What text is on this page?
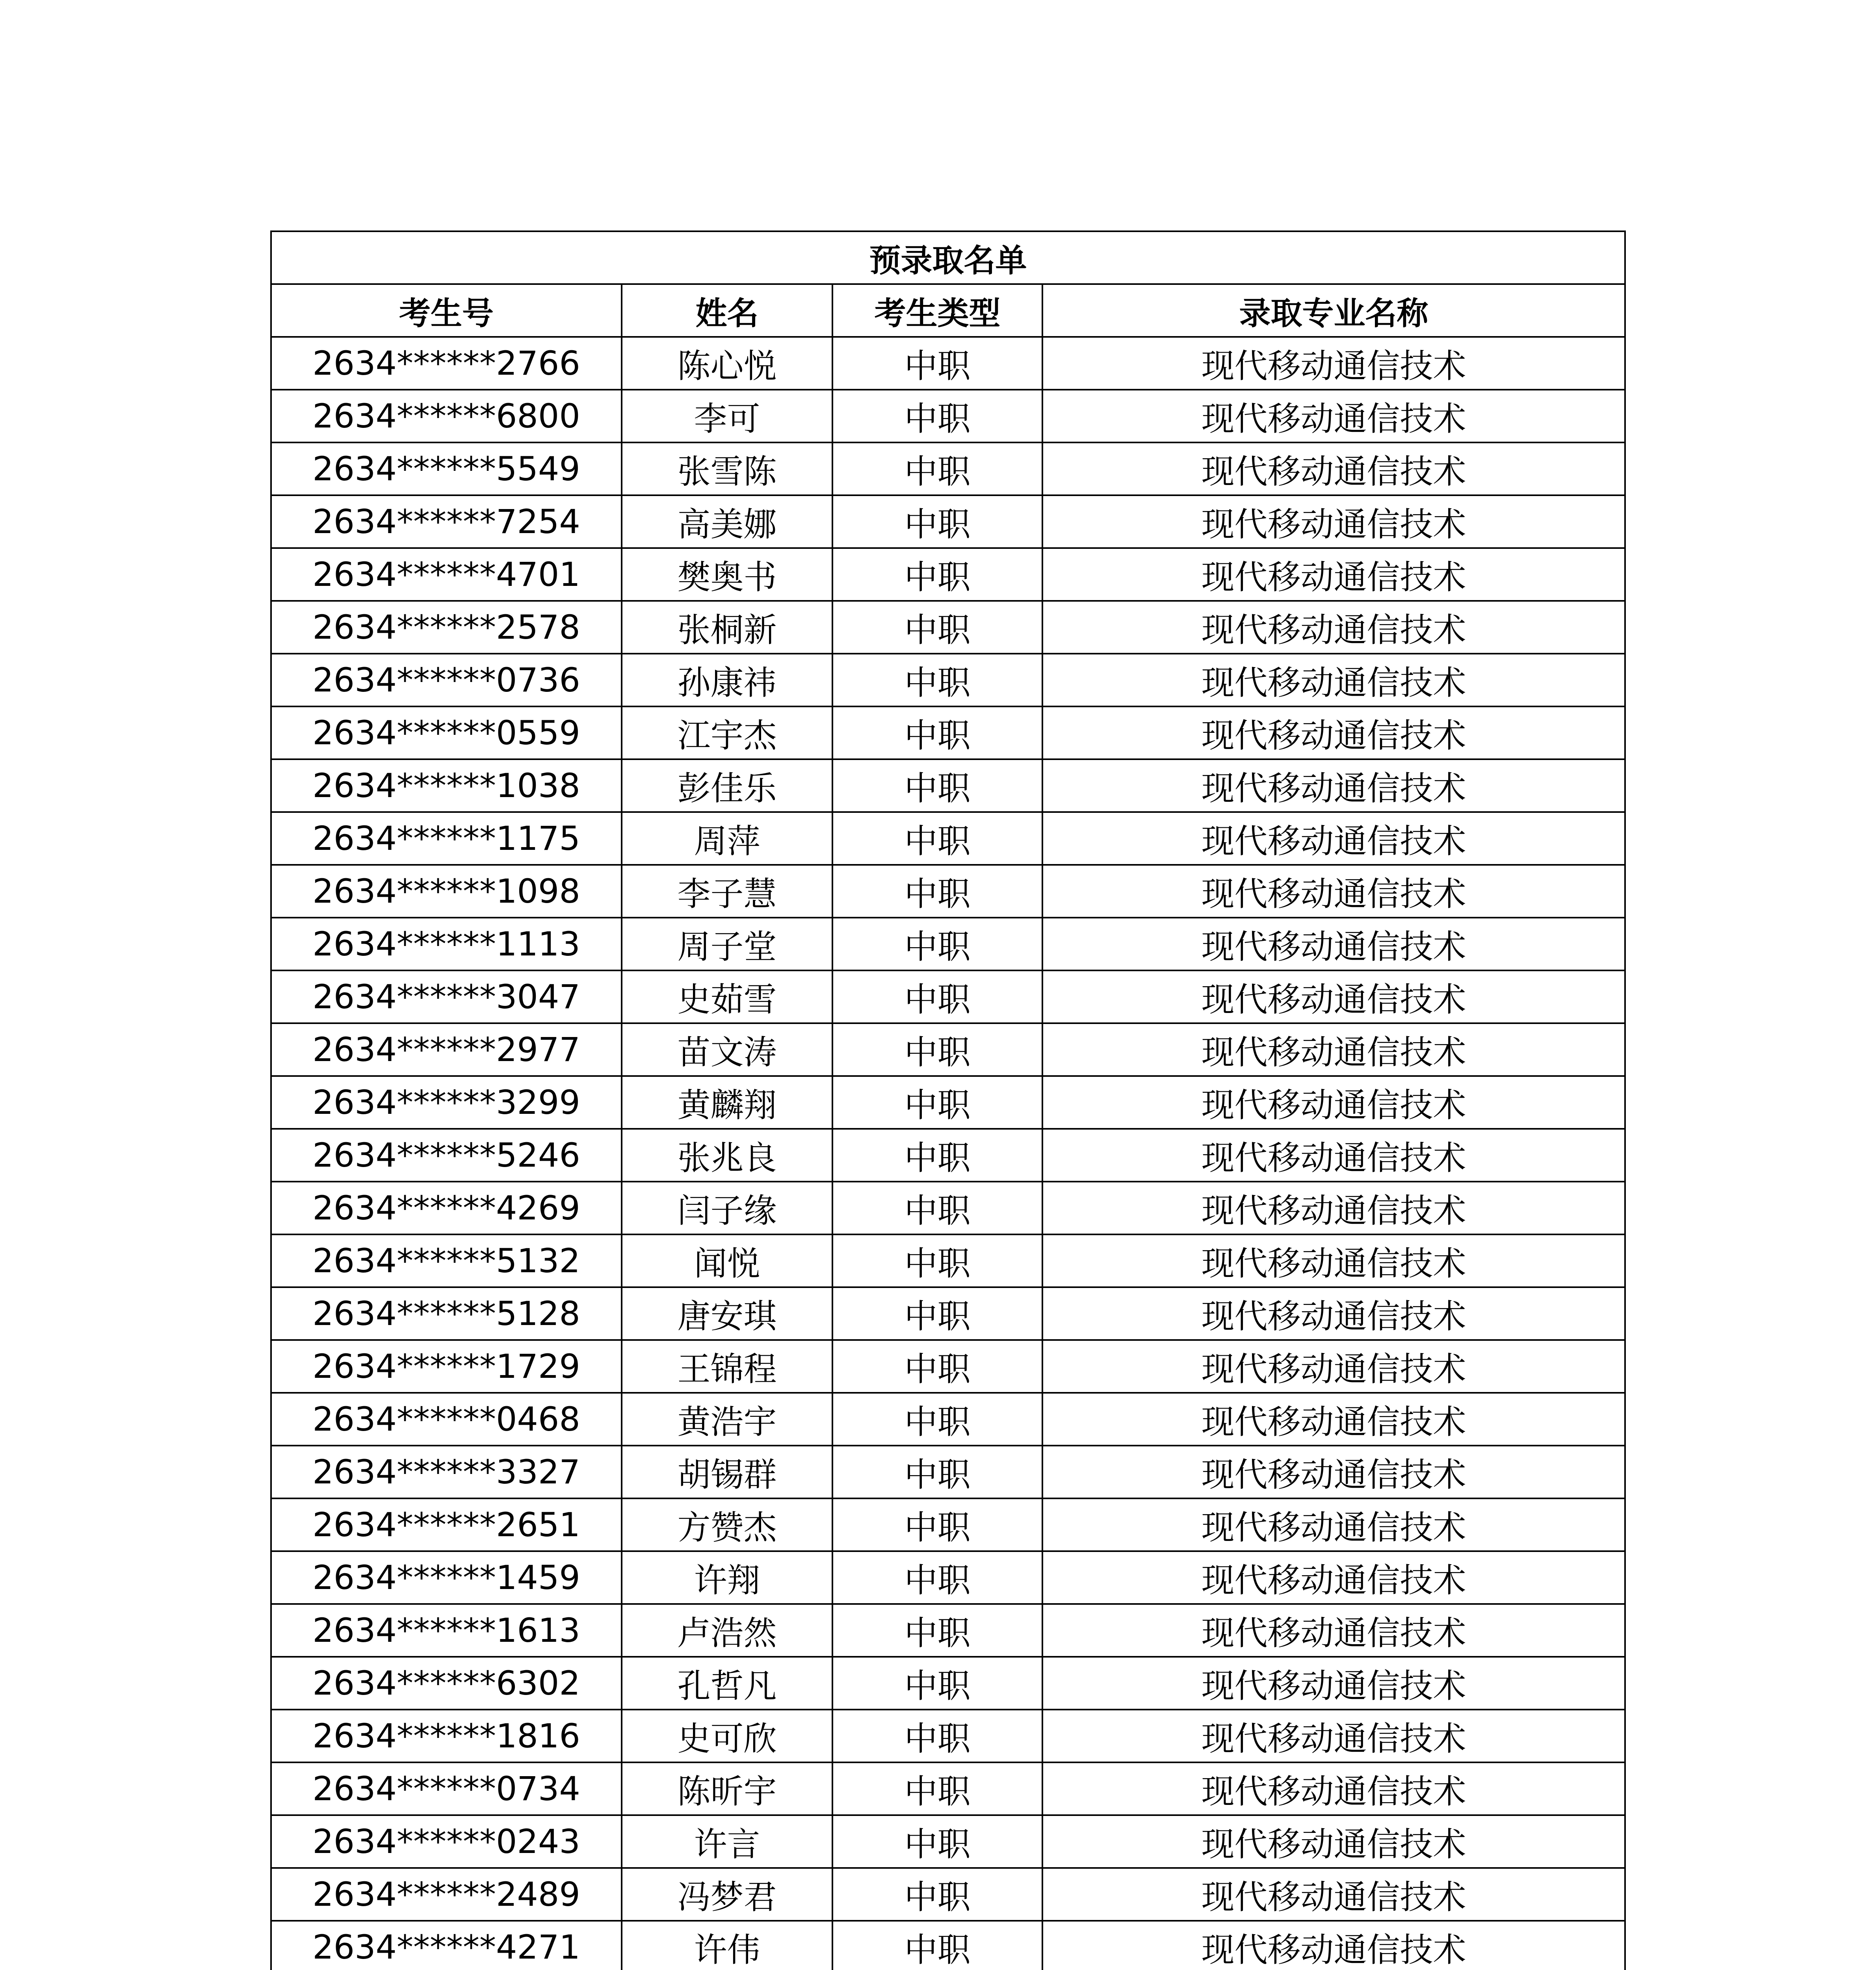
预录取名单			
考生号	姓名	考生类型	录取专业名称
2634******2766	陈心悦	中职	现代移动通信技术
2634******6800	李可	中职	现代移动通信技术
2634******5549	张雪陈	中职	现代移动通信技术
2634******7254	高美娜	中职	现代移动通信技术
2634******4701	樊奥书	中职	现代移动通信技术
2634******2578	张桐新	中职	现代移动通信技术
2634******0736	孙康祎	中职	现代移动通信技术
2634******0559	江宇杰	中职	现代移动通信技术
2634******1038	彭佳乐	中职	现代移动通信技术
2634******1175	周萍	中职	现代移动通信技术
2634******1098	李子慧	中职	现代移动通信技术
2634******1113	周子堂	中职	现代移动通信技术
2634******3047	史茹雪	中职	现代移动通信技术
2634******2977	苗文涛	中职	现代移动通信技术
2634******3299	黄麟翔	中职	现代移动通信技术
2634******5246	张兆良	中职	现代移动通信技术
2634******4269	闫子缘	中职	现代移动通信技术
2634******5132	闻悦	中职	现代移动通信技术
2634******5128	唐安琪	中职	现代移动通信技术
2634******1729	王锦程	中职	现代移动通信技术
2634******0468	黄浩宇	中职	现代移动通信技术
2634******3327	胡锡群	中职	现代移动通信技术
2634******2651	方赞杰	中职	现代移动通信技术
2634******1459	许翔	中职	现代移动通信技术
2634******1613	卢浩然	中职	现代移动通信技术
2634******6302	孔哲凡	中职	现代移动通信技术
2634******1816	史可欣	中职	现代移动通信技术
2634******0734	陈昕宇	中职	现代移动通信技术
2634******0243	许言	中职	现代移动通信技术
2634******2489	冯梦君	中职	现代移动通信技术
2634******4271	许伟	中职	现代移动通信技术
